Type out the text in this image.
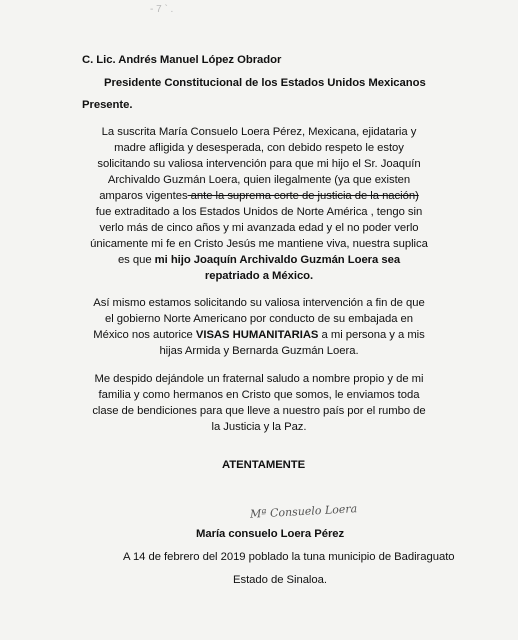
- 7 ` .
C. Lic. Andrés Manuel López Obrador
Presidente Constitucional de los Estados Unidos Mexicanos
Presente.
La suscrita María Consuelo Loera Pérez, Mexicana, ejidataria y
madre afligida y desesperada, con debido respeto le estoy
solicitando su valiosa intervención para que mi hijo el Sr. Joaquín
Archivaldo Guzmán Loera, quien ilegalmente (ya que existen
amparos vigentes ante la suprema corte de justicia de la nación)
fue extraditado a los Estados Unidos de Norte América , tengo sin
verlo más de cinco años y mi avanzada edad y el no poder verlo
únicamente mi fe en Cristo Jesús me mantiene viva, nuestra suplica
es que mi hijo Joaquín Archivaldo Guzmán Loera sea
repatriado a México.
Así mismo estamos solicitando su valiosa intervención a fin de que
el gobierno Norte Americano por conducto de su embajada en
México nos autorice VISAS HUMANITARIAS a mi persona y a mis
hijas Armida y Bernarda Guzmán Loera.
Me despido dejándole un fraternal saludo a nombre propio y de mi
familia y como hermanos en Cristo que somos, le enviamos toda
clase de bendiciones para que lleve a nuestro país por el rumbo de
la Justicia y la Paz.
ATENTAMENTE
Mª Consuelo Loera
María consuelo Loera Pérez
A 14 de febrero del 2019 poblado la tuna municipio de Badiraguato
Estado de Sinaloa.
